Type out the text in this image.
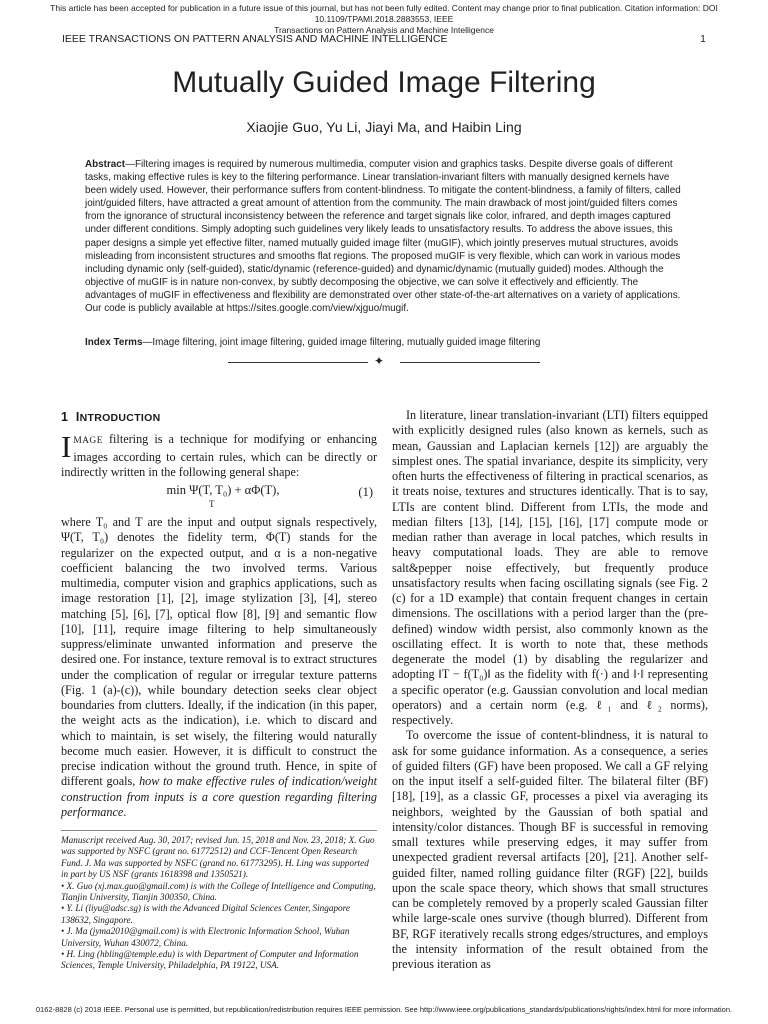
This article has been accepted for publication in a future issue of this journal, but has not been fully edited. Content may change prior to final publication. Citation information: DOI 10.1109/TPAMI.2018.2883553, IEEE
Transactions on Pattern Analysis and Machine Intelligence
IEEE TRANSACTIONS ON PATTERN ANALYSIS AND MACHINE INTELLIGENCE	1
Mutually Guided Image Filtering
Xiaojie Guo, Yu Li, Jiayi Ma, and Haibin Ling
Abstract—Filtering images is required by numerous multimedia, computer vision and graphics tasks. Despite diverse goals of different tasks, making effective rules is key to the filtering performance. Linear translation-invariant filters with manually designed kernels have been widely used. However, their performance suffers from content-blindness. To mitigate the content-blindness, a family of filters, called joint/guided filters, have attracted a great amount of attention from the community. The main drawback of most joint/guided filters comes from the ignorance of structural inconsistency between the reference and target signals like color, infrared, and depth images captured under different conditions. Simply adopting such guidelines very likely leads to unsatisfactory results. To address the above issues, this paper designs a simple yet effective filter, named mutually guided image filter (muGIF), which jointly preserves mutual structures, avoids misleading from inconsistent structures and smooths flat regions. The proposed muGIF is very flexible, which can work in various modes including dynamic only (self-guided), static/dynamic (reference-guided) and dynamic/dynamic (mutually guided) modes. Although the objective of muGIF is in nature non-convex, by subtly decomposing the objective, we can solve it effectively and efficiently. The advantages of muGIF in effectiveness and flexibility are demonstrated over other state-of-the-art alternatives on a variety of applications. Our code is publicly available at https://sites.google.com/view/xjguo/mugif.
Index Terms—Image filtering, joint image filtering, guided image filtering, mutually guided image filtering
✦
1 INTRODUCTION

IMAGE filtering is a technique for modifying or enhancing images according to certain rules, which can be directly or indirectly written in the following general shape:

min Ψ(T, T₀) + αΦ(T),	(1)
T

where T₀ and T are the input and output signals respectively, Ψ(T, T₀) denotes the fidelity term, Φ(T) stands for the regularizer on the expected output, and α is a non-negative coefficient balancing the two involved terms. Various multimedia, computer vision and graphics applications, such as image restoration [1], [2], image stylization [3], [4], stereo matching [5], [6], [7], optical flow [8], [9] and semantic flow [10], [11], require image filtering to help simultaneously suppress/eliminate unwanted information and preserve the desired one. For instance, texture removal is to extract structures under the complication of regular or irregular texture patterns (Fig. 1 (a)-(c)), while boundary detection seeks clear object boundaries from clutters. Ideally, if the indication (in this paper, the weight acts as the indication), i.e. which to discard and which to maintain, is set wisely, the filtering would naturally become much easier. However, it is difficult to construct the precise indication without the ground truth. Hence, in spite of different goals, how to make effective rules of indication/weight construction from inputs is a core question regarding filtering performance.

Manuscript received Aug. 30, 2017; revised Jun. 15, 2018 and Nov. 23, 2018; X. Guo was supported by NSFC (grant no. 61772512) and CCF-Tencent Open Research Fund. J. Ma was supported by NSFC (grand no. 61773295). H. Ling was supported in part by US NSF (grants 1618398 and 1350521).
• X. Guo (xj.max.guo@gmail.com) is with the College of Intelligence and Computing, Tianjin University, Tianjin 300350, China.
• Y. Li (liyu@adsc.sg) is with the Advanced Digital Sciences Center, Singapore 138632, Singapore.
• J. Ma (jyma2010@gmail.com) is with Electronic Information School, Wuhan University, Wuhan 430072, China.
• H. Ling (hbling@temple.edu) is with Department of Computer and Information Sciences, Temple University, Philadelphia, PA 19122, USA.

In literature, linear translation-invariant (LTI) filters equipped with explicitly designed rules (also known as kernels, such as mean, Gaussian and Laplacian kernels [12]) are arguably the simplest ones. The spatial invariance, despite its simplicity, very often hurts the effectiveness of filtering in practical scenarios, as it treats noise, textures and structures identically. That is to say, LTIs are content blind. Different from LTIs, the mode and median filters [13], [14], [15], [16], [17] compute mode or median rather than average in local patches, which results in heavy computational loads. They are able to remove salt&pepper noise effectively, but frequently produce unsatisfactory results when facing oscillating signals (see Fig. 2 (c) for a 1D example) that contain frequent changes in certain dimensions. The oscillations with a period larger than the (pre-defined) window width persist, also commonly known as the oscillating effect. It is worth to note that, these methods degenerate the model (1) by disabling the regularizer and adopting ‖T − f(T₀)‖ as the fidelity with f(·) and ‖·‖ representing a specific operator (e.g. Gaussian convolution and local median operators) and a certain norm (e.g. ℓ₁ and ℓ₂ norms), respectively.

To overcome the issue of content-blindness, it is natural to ask for some guidance information. As a consequence, a series of guided filters (GF) have been proposed. We call a GF relying on the input itself a self-guided filter. The bilateral filter (BF) [18], [19], as a classic GF, processes a pixel via averaging its neighbors, weighted by the Gaussian of both spatial and intensity/color distances. Though BF is successful in removing small textures while preserving edges, it may suffer from unexpected gradient reversal artifacts [20], [21]. Another self-guided filter, named rolling guidance filter (RGF) [22], builds upon the scale space theory, which shows that small structures can be completely removed by a properly scaled Gaussian filter while large-scale ones survive (though blurred). Different from BF, RGF iteratively recalls strong edges/structures, and employs the intensity information of the result obtained from the previous iteration as

0162-8828 (c) 2018 IEEE. Personal use is permitted, but republication/redistribution requires IEEE permission. See http://www.ieee.org/publications_standards/publications/rights/index.html for more information.
